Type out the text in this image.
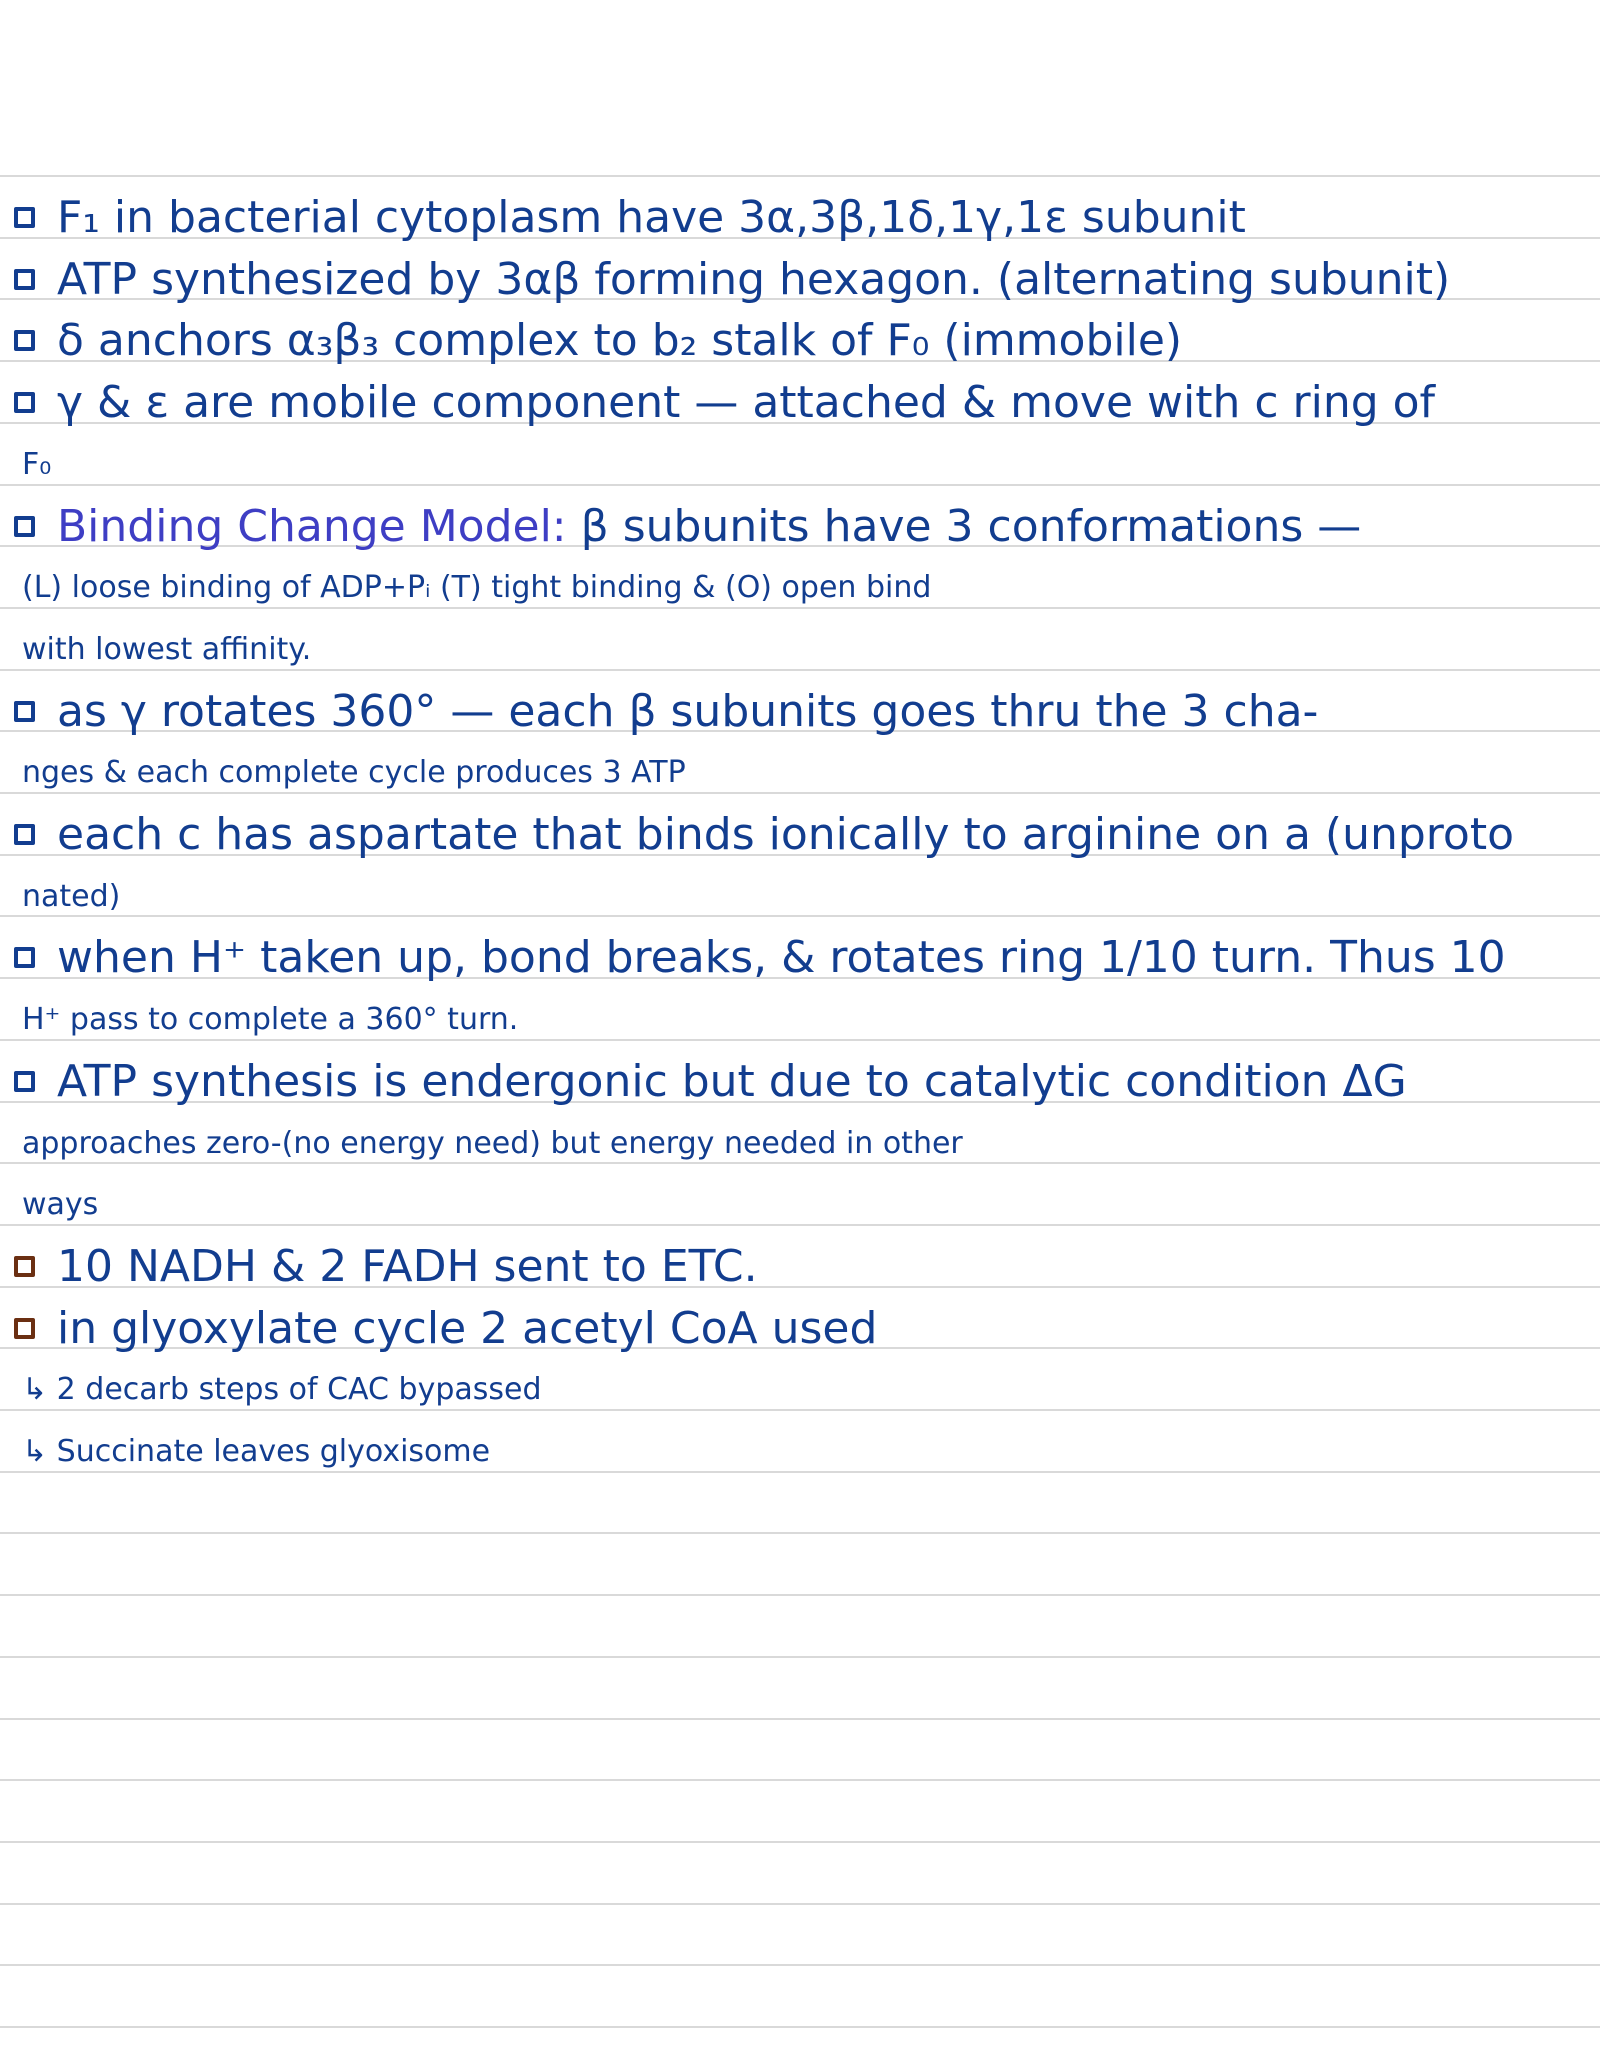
F₁ in bacterial cytoplasm have 3α,3β,1δ,1γ,1ε subunit
ATP synthesized by 3αβ forming hexagon. (alternating subunit)
δ anchors α₃β₃ complex to b₂ stalk of F₀ (immobile)
γ & ε are mobile component — attached & move with c ring of
F₀
Binding Change Model: β subunits have 3 conformations —
(L) loose binding of ADP+Pᵢ (T) tight binding & (O) open bind
with lowest affinity.
as γ rotates 360° — each β subunits goes thru the 3 cha-
nges & each complete cycle produces 3 ATP
each c has aspartate that binds ionically to arginine on a (unproto
nated)
when H⁺ taken up, bond breaks, & rotates ring 1/10 turn. Thus 10
H⁺ pass to complete a 360° turn.
ATP synthesis is endergonic but due to catalytic condition ΔG
approaches zero-(no energy need) but energy needed in other
ways
10 NADH & 2 FADH sent to ETC.
in glyoxylate cycle 2 acetyl CoA used
↳ 2 decarb steps of CAC bypassed
↳ Succinate leaves glyoxisome
